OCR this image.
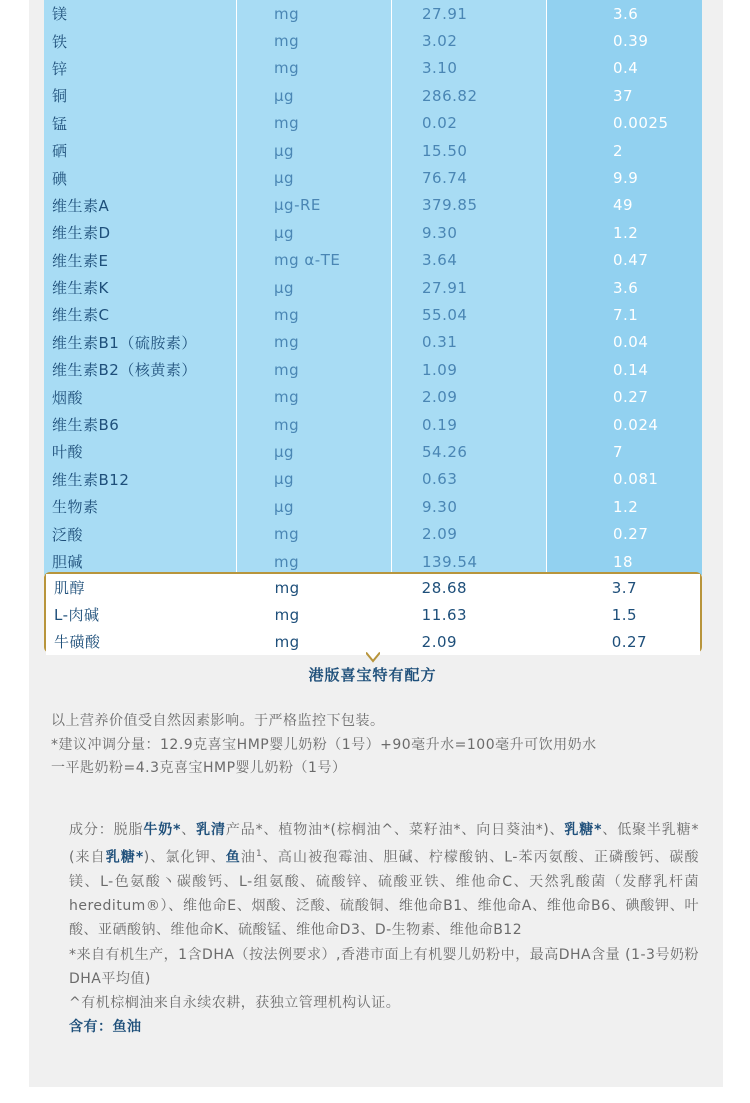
镁	mg	27.91	3.6
铁	mg	3.02	0.39
锌	mg	3.10	0.4
铜	μg	286.82	37
锰	mg	0.02	0.0025
硒	μg	15.50	2
碘	μg	76.74	9.9
维生素A	μg-RE	379.85	49
维生素D	μg	9.30	1.2
维生素E	mg α-TE	3.64	0.47
维生素K	μg	27.91	3.6
维生素C	mg	55.04	7.1
维生素B1（硫胺素）	mg	0.31	0.04
维生素B2（核黄素）	mg	1.09	0.14
烟酸	mg	2.09	0.27
维生素B6	mg	0.19	0.024
叶酸	μg	54.26	7
维生素B12	μg	0.63	0.081
生物素	μg	9.30	1.2
泛酸	mg	2.09	0.27
胆碱	mg	139.54	18
肌醇	mg	28.68	3.7
L-肉碱	mg	11.63	1.5
牛磺酸	mg	2.09	0.27
港版喜宝特有配方

以上营养价值受自然因素影响。于严格监控下包装。

*建议冲调分量：12.9克喜宝HMP婴儿奶粉（1号）+90毫升水=100毫升可饮用奶水

一平匙奶粉=4.3克喜宝HMP婴儿奶粉（1号）

成分：脱脂牛奶*、乳清产品*、植物油*(棕榈油^、菜籽油*、向日葵油*)、乳糖*、低聚半乳糖*(来自乳糖*)、氯化钾、鱼油$^1$、高山被孢霉油、胆碱、柠檬酸钠、L-苯丙氨酸、正磷酸钙、碳酸镁、L-色氨酸丶碳酸钙、L-组氨酸、硫酸锌、硫酸亚铁、维他命C、天然乳酸菌（发酵乳杆菌hereditum®）、维他命E、烟酸、泛酸、硫酸铜、维他命B1、维他命A、维他命B6、碘酸钾、叶酸、亚硒酸钠、维他命K、硫酸锰、维他命D3、D-生物素、维他命B12

*来自有机生产，1含DHA（按法例要求）,香港市面上有机婴儿奶粉中，最高DHA含量 (1-3号奶粉DHA平均值)

^有机棕榈油来自永续农耕，获独立管理机构认证。

含有：鱼油
